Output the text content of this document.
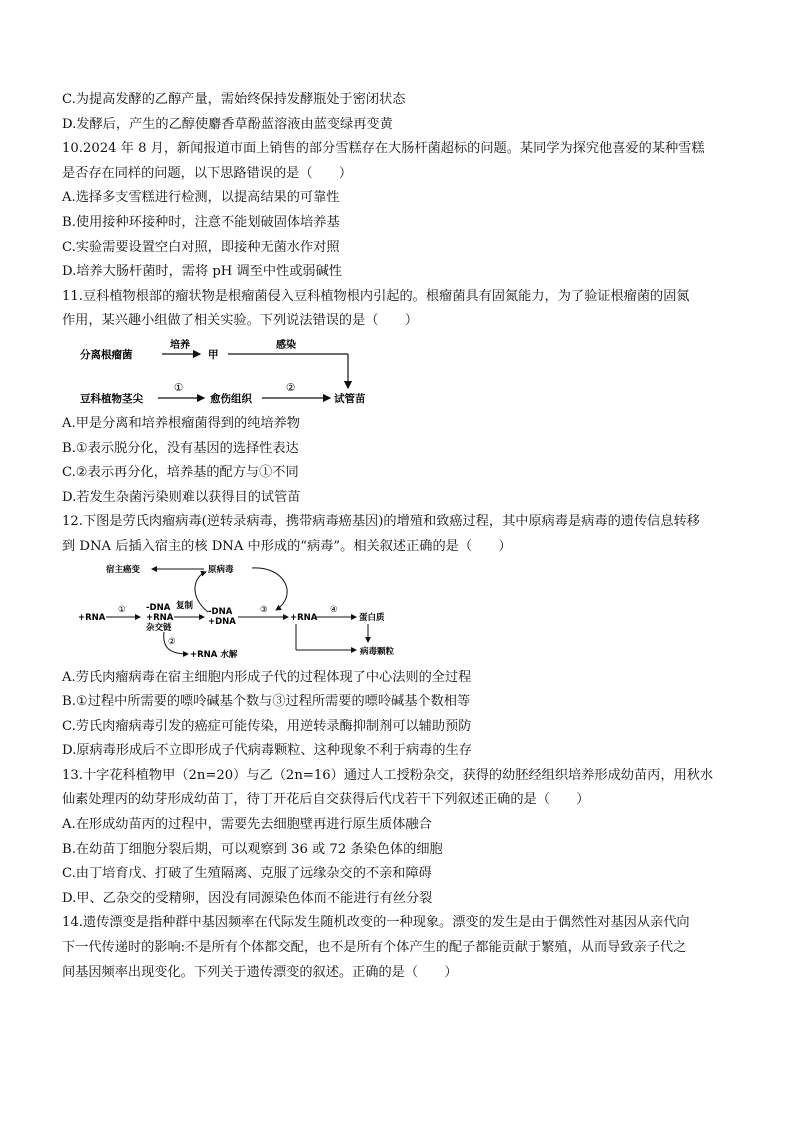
C.为提高发酵的乙醇产量，需始终保持发酵瓶处于密闭状态
D.发酵后，产生的乙醇使麝香草酚蓝溶液由蓝变绿再变黄
10.2024 年 8 月，新闻报道市面上销售的部分雪糕存在大肠杆菌超标的问题。某同学为探究他喜爱的某种雪糕
是否存在同样的问题，以下思路错误的是（　　）
A.选择多支雪糕进行检测，以提高结果的可靠性
B.使用接种环接种时，注意不能划破固体培养基
C.实验需要设置空白对照，即接种无菌水作对照
D.培养大肠杆菌时，需将 pH 调至中性或弱碱性
11.豆科植物根部的瘤状物是根瘤菌侵入豆科植物根内引起的。根瘤菌具有固氮能力，为了验证根瘤菌的固氮
作用，某兴趣小组做了相关实验。下列说法错误的是（　　）
分离根瘤菌
培养
甲
感染
豆科植物茎尖
①
愈伤组织
②
试管苗
A.甲是分离和培养根瘤菌得到的纯培养物
B.①表示脱分化，没有基因的选择性表达
C.②表示再分化，培养基的配方与①不同
D.若发生杂菌污染则难以获得目的试管苗
12.下图是劳氏肉瘤病毒(逆转录病毒，携带病毒癌基因)的增殖和致癌过程，其中原病毒是病毒的遗传信息转移
到 DNA 后插入宿主的核 DNA 中形成的“病毒”。相关叙述正确的是（　　）
宿主癌变	原病毒
+RNA
① -DNA
+RNA
杂交链
复制
-DNA
+DNA
③
+RNA
④
蛋白质
②
+RNA 水解	病毒颗粒
A.劳氏肉瘤病毒在宿主细胞内形成子代的过程体现了中心法则的全过程
B.①过程中所需要的嘌呤碱基个数与③过程所需要的嘌呤碱基个数相等
C.劳氏肉瘤病毒引发的癌症可能传染，用逆转录酶抑制剂可以辅助预防
D.原病毒形成后不立即形成子代病毒颗粒、这种现象不利于病毒的生存
13.十字花科植物甲（2n=20）与乙（2n=16）通过人工授粉杂交，获得的幼胚经组织培养形成幼苗丙，用秋水
仙素处理丙的幼芽形成幼苗丁，待丁开花后自交获得后代戊若干下列叙述正确的是（　　）
A.在形成幼苗丙的过程中，需要先去细胞壁再进行原生质体融合
B.在幼苗丁细胞分裂后期，可以观察到 36 或 72 条染色体的细胞
C.由丁培育戊、打破了生殖隔离、克服了远缘杂交的不亲和障碍
D.甲、乙杂交的受精卵，因没有同源染色体而不能进行有丝分裂
14.遗传漂变是指种群中基因频率在代际发生随机改变的一种现象。漂变的发生是由于偶然性对基因从亲代向
下一代传递时的影响:不是所有个体都交配，也不是所有个体产生的配子都能贡献于繁殖，从而导致亲子代之
间基因频率出现变化。下列关于遗传漂变的叙述。正确的是（　　）
